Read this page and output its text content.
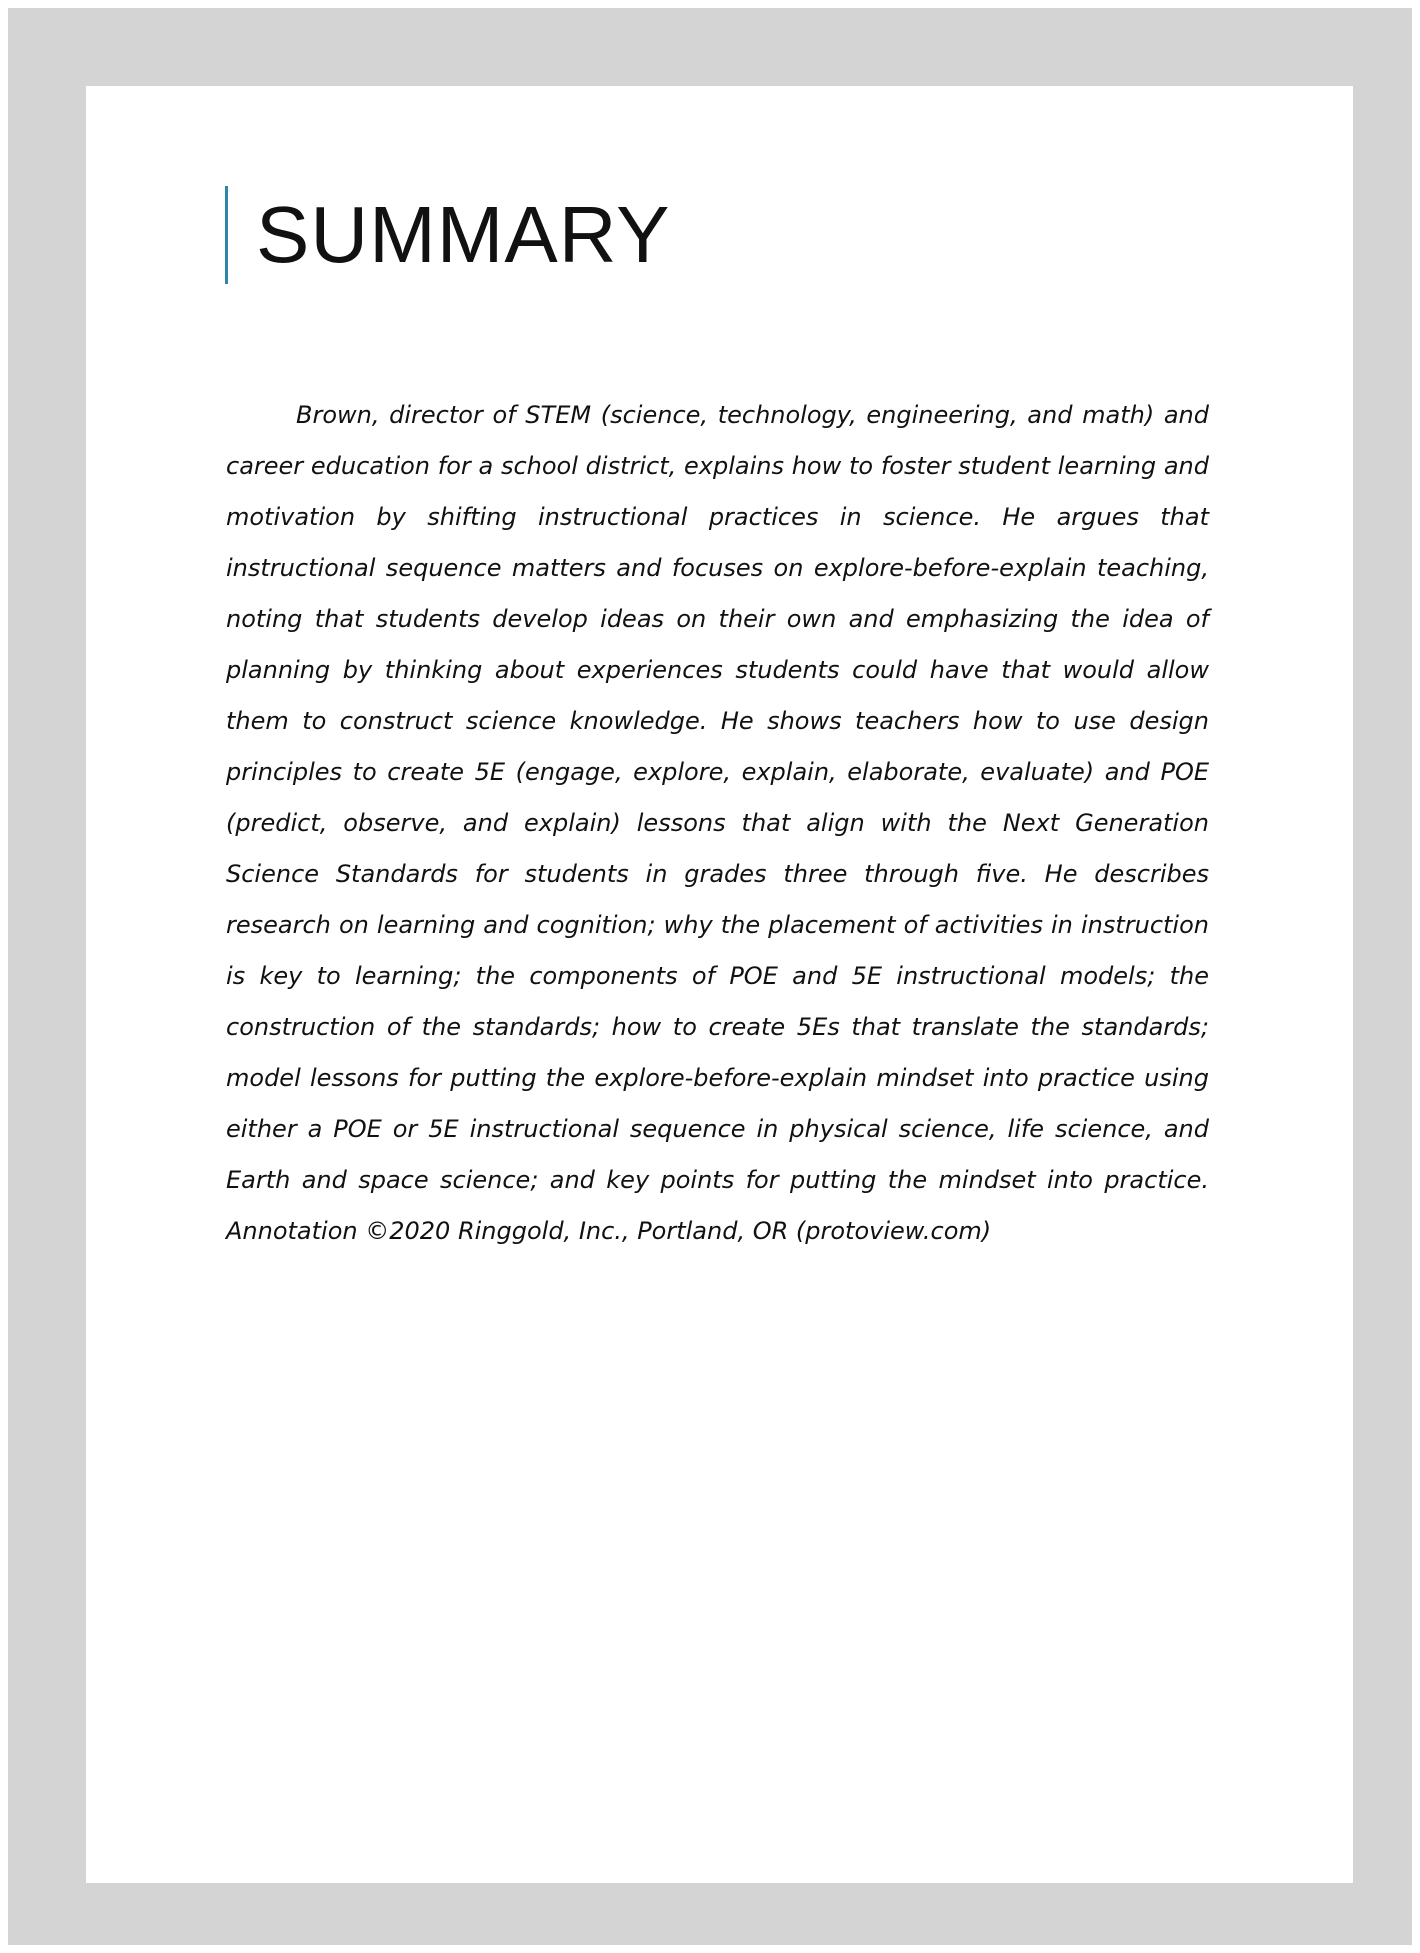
SUMMARY

Brown, director of STEM (science, technology, engineering, and math) and career education for a school district, explains how to foster student learning and motivation by shifting instructional practices in science. He argues that instructional sequence matters and focuses on explore-before-explain teaching, noting that students develop ideas on their own and emphasizing the idea of planning by thinking about experiences students could have that would allow them to construct science knowledge. He shows teachers how to use design principles to create 5E (engage, explore, explain, elaborate, evaluate) and POE (predict, observe, and explain) lessons that align with the Next Generation Science Standards for students in grades three through five. He describes research on learning and cognition; why the placement of activities in instruction is key to learning; the components of POE and 5E instructional models; the construction of the standards; how to create 5Es that translate the standards; model lessons for putting the explore-before-explain mindset into practice using either a POE or 5E instructional sequence in physical science, life science, and Earth and space science; and key points for putting the mindset into practice. Annotation ©2020 Ringgold, Inc., Portland, OR (protoview.com)
